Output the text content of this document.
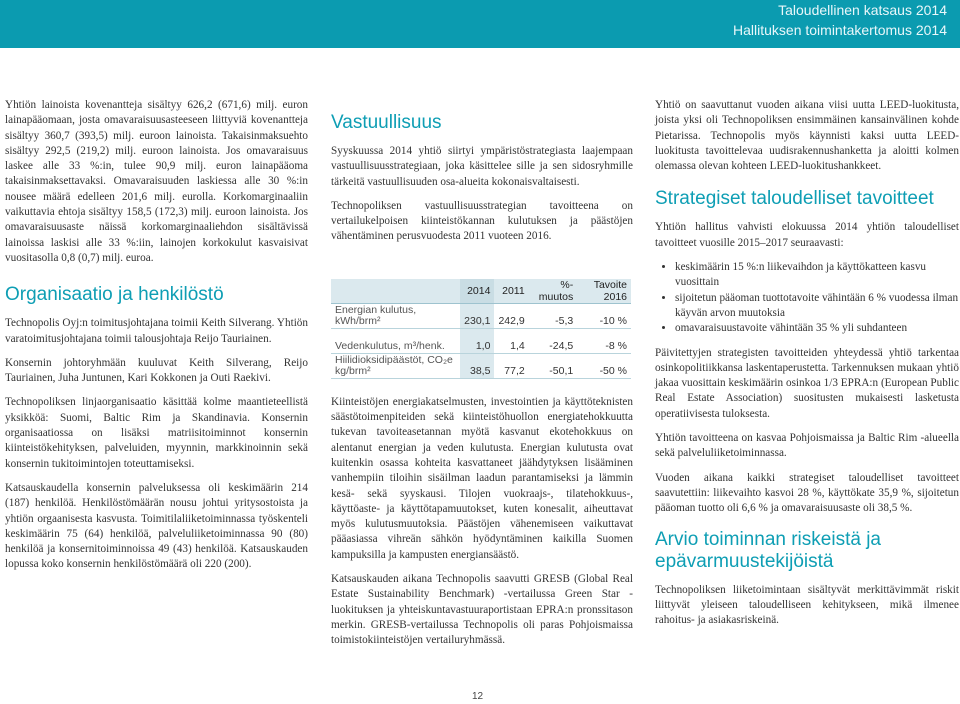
Taloudellinen katsaus 2014
Hallituksen toimintakertomus 2014

Yhtiön lainoista kovenantteja sisältyy 626,2 (671,6) milj. euron lainapääomaan, josta omavaraisuusasteeseen liittyviä kovenantteja sisältyy 360,7 (393,5) milj. euroon lainoista. Takaisinmaksuehto sisältyy 292,5 (219,2) milj. euroon lainoista. Jos omavaraisuus laskee alle 33 %:in, tulee 90,9 milj. euron lainapääoma takaisinmaksettavaksi. Omavaraisuuden laskiessa alle 30 %:in nousee määrä edelleen 201,6 milj. eurolla. Korkomarginaaliin vaikuttavia ehtoja sisältyy 158,5 (172,3) milj. euroon lainoista. Jos omavaraisuusaste näissä korkomarginaaliehdon sisältävissä lainoissa laskisi alle 33 %:iin, lainojen korkokulut kasvaisivat vuositasolla 0,8 (0,7) milj. euroa.

Organisaatio ja henkilöstö

Technopolis Oyj:n toimitusjohtajana toimii Keith Silverang. Yhtiön varatoimitusjohtajana toimii talousjohtaja Reijo Tauriainen.

Konsernin johtoryhmään kuuluvat Keith Silverang, Reijo Tauriainen, Juha Juntunen, Kari Kokkonen ja Outi Raekivi.

Technopoliksen linjaorganisaatio käsittää kolme maantieteellistä yksikköä: Suomi, Baltic Rim ja Skandinavia. Konsernin organisaatiossa on lisäksi matriisitoiminnot konsernin kiinteistökehityksen, palveluiden, myynnin, markkinoinnin sekä konsernin tukitoimintojen toteuttamiseksi.

Katsauskaudella konsernin palveluksessa oli keskimäärin 214 (187) henkilöä. Henkilöstömäärän nousu johtui yritysostoista ja yhtiön orgaanisesta kasvusta. Toimitilaliiketoiminnassa työskenteli keskimäärin 75 (64) henkilöä, palveluliiketoiminnassa 90 (80) henkilöä ja konsernitoiminnoissa 49 (43) henkilöä. Katsauskauden lopussa koko konsernin henkilöstömäärä oli 220 (200).

Vastuullisuus

Syyskuussa 2014 yhtiö siirtyi ympäristöstrategiasta laajempaan vastuullisuusstrategiaan, joka käsittelee sille ja sen sidosryhmille tärkeitä vastuullisuuden osa-alueita kokonaisvaltaisesti.

Technopoliksen vastuullisuusstrategian tavoitteena on vertailukelpoisen kiinteistökannan kulutuksen ja päästöjen vähentäminen perusvuodesta 2011 vuoteen 2016.

	2014	2011	%-muutos	Tavoite 2016
Energian kulutus, kWh/brm²	230,1	242,9	-5,3	-10 %
Vedenkulutus, m³/henk.	1,0	1,4	-24,5	-8 %
Hiilidioksidipäästöt, CO₂e kg/brm²	38,5	77,2	-50,1	-50 %

Kiinteistöjen energiakatselmusten, investointien ja käyttöteknisten säästötoimenpiteiden sekä kiinteistöhuollon energiatehokkuutta tukevan tavoiteasetannan myötä kasvanut ekotehokkuus on alentanut energian ja veden kulutusta. Energian kulutusta ovat kuitenkin osassa kohteita kasvattaneet jäähdytyksen lisääminen vanhempiin tiloihin sisäilman laadun parantamiseksi ja lämmin kesä- sekä syyskausi. Tilojen vuokraajs-, tilatehokkuus-, käyttöaste- ja käyttötapamuutokset, kuten konesalit, aiheuttavat myös kulutusmuutoksia. Päästöjen vähenemiseen vaikuttavat pääasiassa vihreän sähkön hyödyntäminen kaikilla Suomen kampuksilla ja kampusten energiansäästö.

Katsauskauden aikana Technopolis saavutti GRESB (Global Real Estate Sustainability Benchmark) -vertailussa Green Star -luokituksen ja yhteiskuntavastuuraportistaan EPRA:n pronssitason merkin. GRESB-vertailussa Technopolis oli paras Pohjoismaissa toimistokiinteistöjen vertailuryhmässä.

Yhtiö on saavuttanut vuoden aikana viisi uutta LEED-luokitusta, joista yksi oli Technopoliksen ensimmäinen kansainvälinen kohde Pietarissa. Technopolis myös käynnisti kaksi uutta LEED-luokitusta tavoittelevaa uudisrakennushanketta ja aloitti kolmen olemassa olevan kohteen LEED-luokitushankkeet.

Strategiset taloudelliset tavoitteet

Yhtiön hallitus vahvisti elokuussa 2014 yhtiön taloudelliset tavoitteet vuosille 2015–2017 seuraavasti:

• keskimäärin 15 %:n liikevaihdon ja käyttökatteen kasvu vuosittain
• sijoitetun pääoman tuottotavoite vähintään 6 % vuodessa ilman käyvän arvon muutoksia
• omavaraisuustavoite vähintään 35 % yli suhdanteen

Päivitettyjen strategisten tavoitteiden yhteydessä yhtiö tarkentaa osinkopolitiikkansa laskentaperustetta. Tarkennuksen mukaan yhtiö jakaa vuosittain keskimäärin osinkoa 1/3 EPRA:n (European Public Real Estate Association) suositusten mukaisesti lasketusta operatiivisesta tuloksesta.

Yhtiön tavoitteena on kasvaa Pohjoismaissa ja Baltic Rim -alueella sekä palveluliiketoiminnassa.

Vuoden aikana kaikki strategiset taloudelliset tavoitteet saavutettiin: liikevaihto kasvoi 28 %, käyttökate 35,9 %, sijoitetun pääoman tuotto oli 6,6 % ja omavaraisuusaste oli 38,5 %.

Arvio toiminnan riskeistä ja epävarmuustekijöistä

Technopoliksen liiketoimintaan sisältyvät merkittävimmät riskit liittyvät yleiseen taloudelliseen kehitykseen, mikä ilmenee rahoitus- ja asiakasriskeinä.

12
